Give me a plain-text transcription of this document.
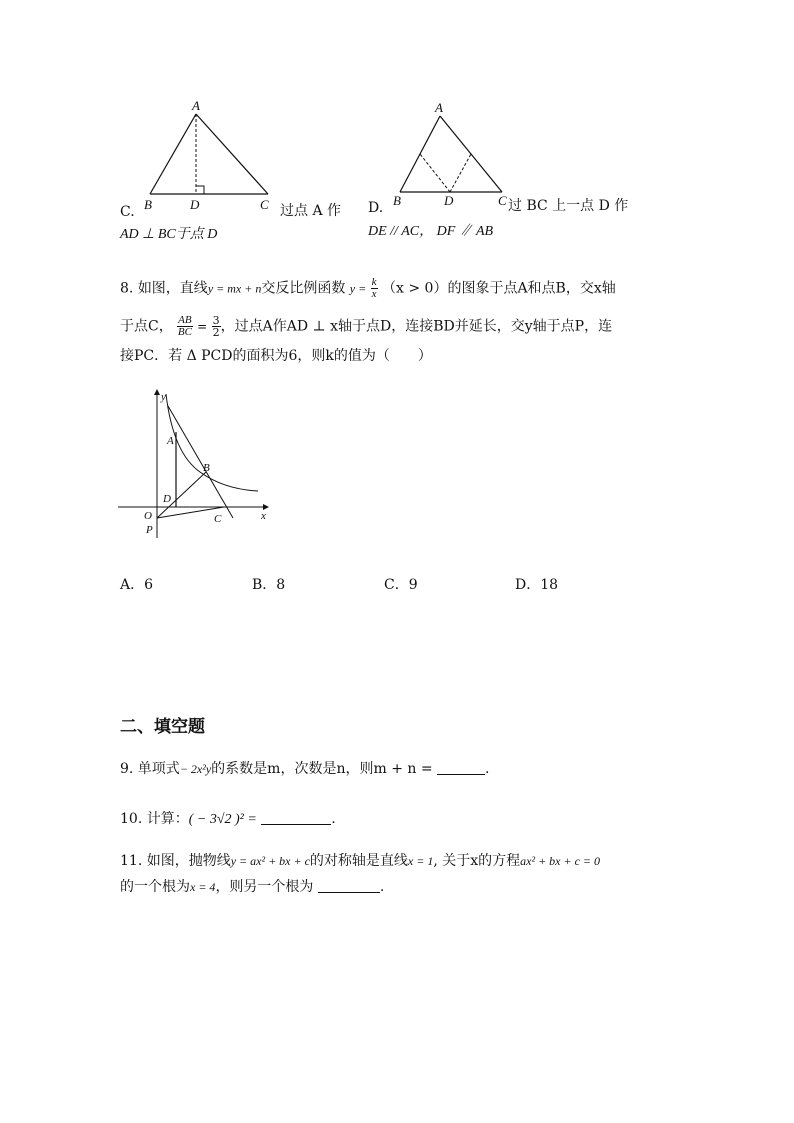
A
B	D	C
C.	过点 A 作
AD ⊥ BC于点 D
A
B	D	C
D.	过 BC 上一点 D 作
DE // AC， DF ∥ AB
8. 如图，直线y = mx + n交反比例函数 $y = \frac{k}{x} (x > 0)$的图象于点A和点B，交x轴
于点C， $\frac{AB}{BC} = \frac{3}{2}$ ，过点A作AD ⊥ x轴于点D，连接BD并延长，交y轴于点P，连
接PC．若 Δ PCD的面积为6，则k的值为（　　）
y
x
A
B
D
O
P
C
A．6	B．8	C．9	D．18
二、填空题
9. 单项式− 2x²y的系数是m，次数是n，则m + n =	.
10. 计算：( − 3√2 )² =	.
11. 如图，抛物线y = ax² + bx + c的对称轴是直线x = 1, 关于x的方程ax² + bx + c = 0
的一个根为x = 4，则另一个根为	.
